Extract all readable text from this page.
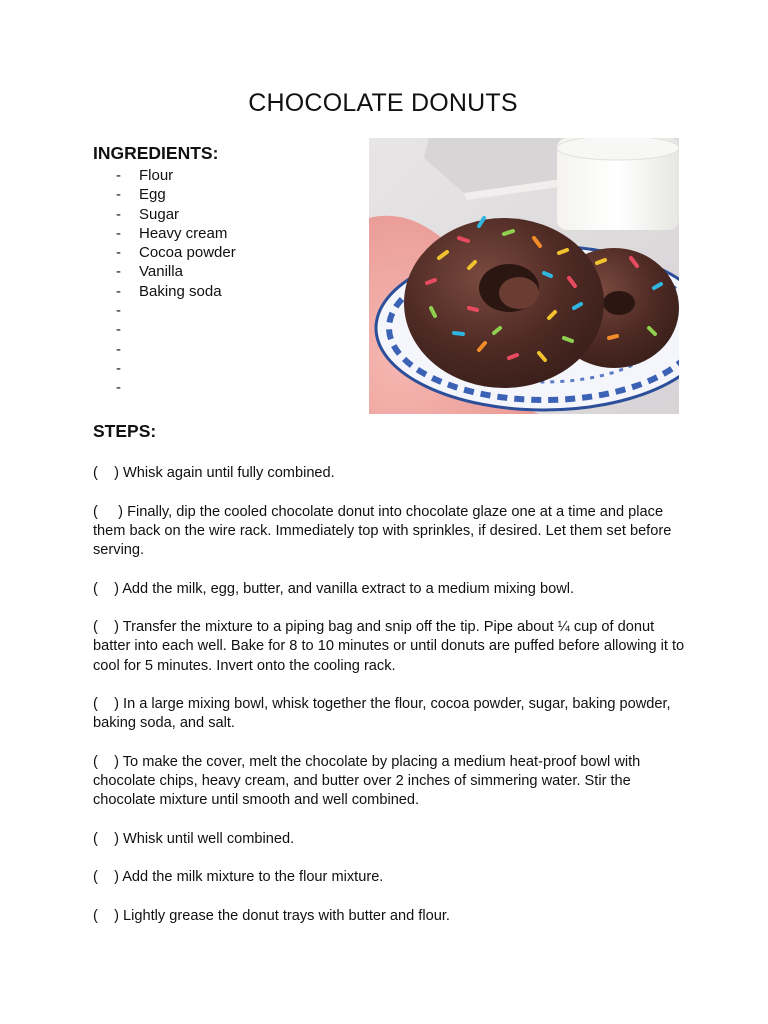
CHOCOLATE DONUTS
INGREDIENTS:
- Flour
- Egg
- Sugar
- Heavy cream
- Cocoa powder
- Vanilla
- Baking soda
-
-
-
-
-
STEPS:

(    ) Whisk again until fully combined.

(     ) Finally, dip the cooled chocolate donut into chocolate glaze one at a time and place them back on the wire rack. Immediately top with sprinkles, if desired. Let them set before serving.

(    ) Add the milk, egg, butter, and vanilla extract to a medium mixing bowl.

(    ) Transfer the mixture to a piping bag and snip off the tip. Pipe about ¼ cup of donut batter into each well. Bake for 8 to 10 minutes or until donuts are puffed before allowing it to cool for 5 minutes. Invert onto the cooling rack.

(    ) In a large mixing bowl, whisk together the flour, cocoa powder, sugar, baking powder, baking soda, and salt.

(    ) To make the cover, melt the chocolate by placing a medium heat-proof bowl with chocolate chips, heavy cream, and butter over 2 inches of simmering water. Stir the chocolate mixture until smooth and well combined.

(    ) Whisk until well combined.

(    ) Add the milk mixture to the flour mixture.

(    ) Lightly grease the donut trays with butter and flour.
